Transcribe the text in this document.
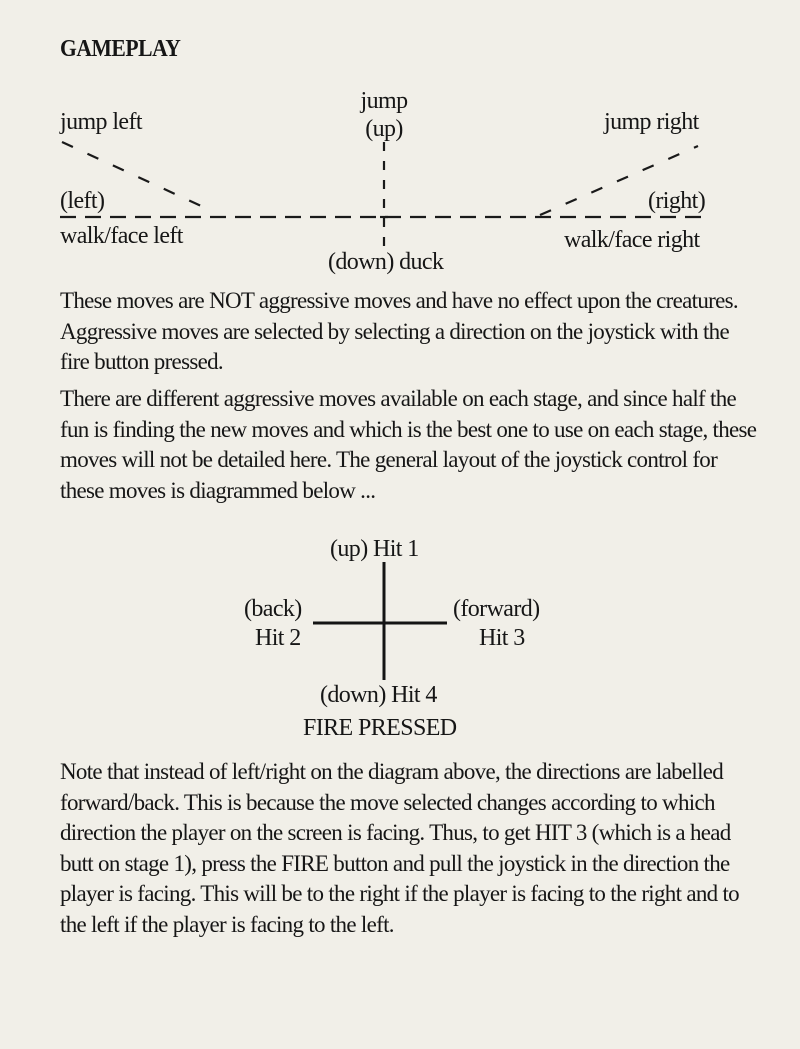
GAMEPLAY
jump left
jump
(up)	jump right
(left)	(right)
walk/face left	walk/face right
(down) duck

These moves are NOT aggressive moves and have no effect upon the creatures. Aggressive moves are selected by selecting a direction on the joystick with the fire button pressed.

There are different aggressive moves available on each stage, and since half the fun is finding the new moves and which is the best one to use on each stage, these moves will not be detailed here. The general layout of the joystick control for these moves is diagrammed below ...

(up) Hit 1
(back)
Hit 2
(forward)
Hit 3
(down) Hit 4
FIRE PRESSED

Note that instead of left/right on the diagram above, the directions are labelled forward/back. This is because the move selected changes according to which direction the player on the screen is facing. Thus, to get HIT 3 (which is a head butt on stage 1), press the FIRE button and pull the joystick in the direction the player is facing. This will be to the right if the player is facing to the right and to the left if the player is facing to the left.
